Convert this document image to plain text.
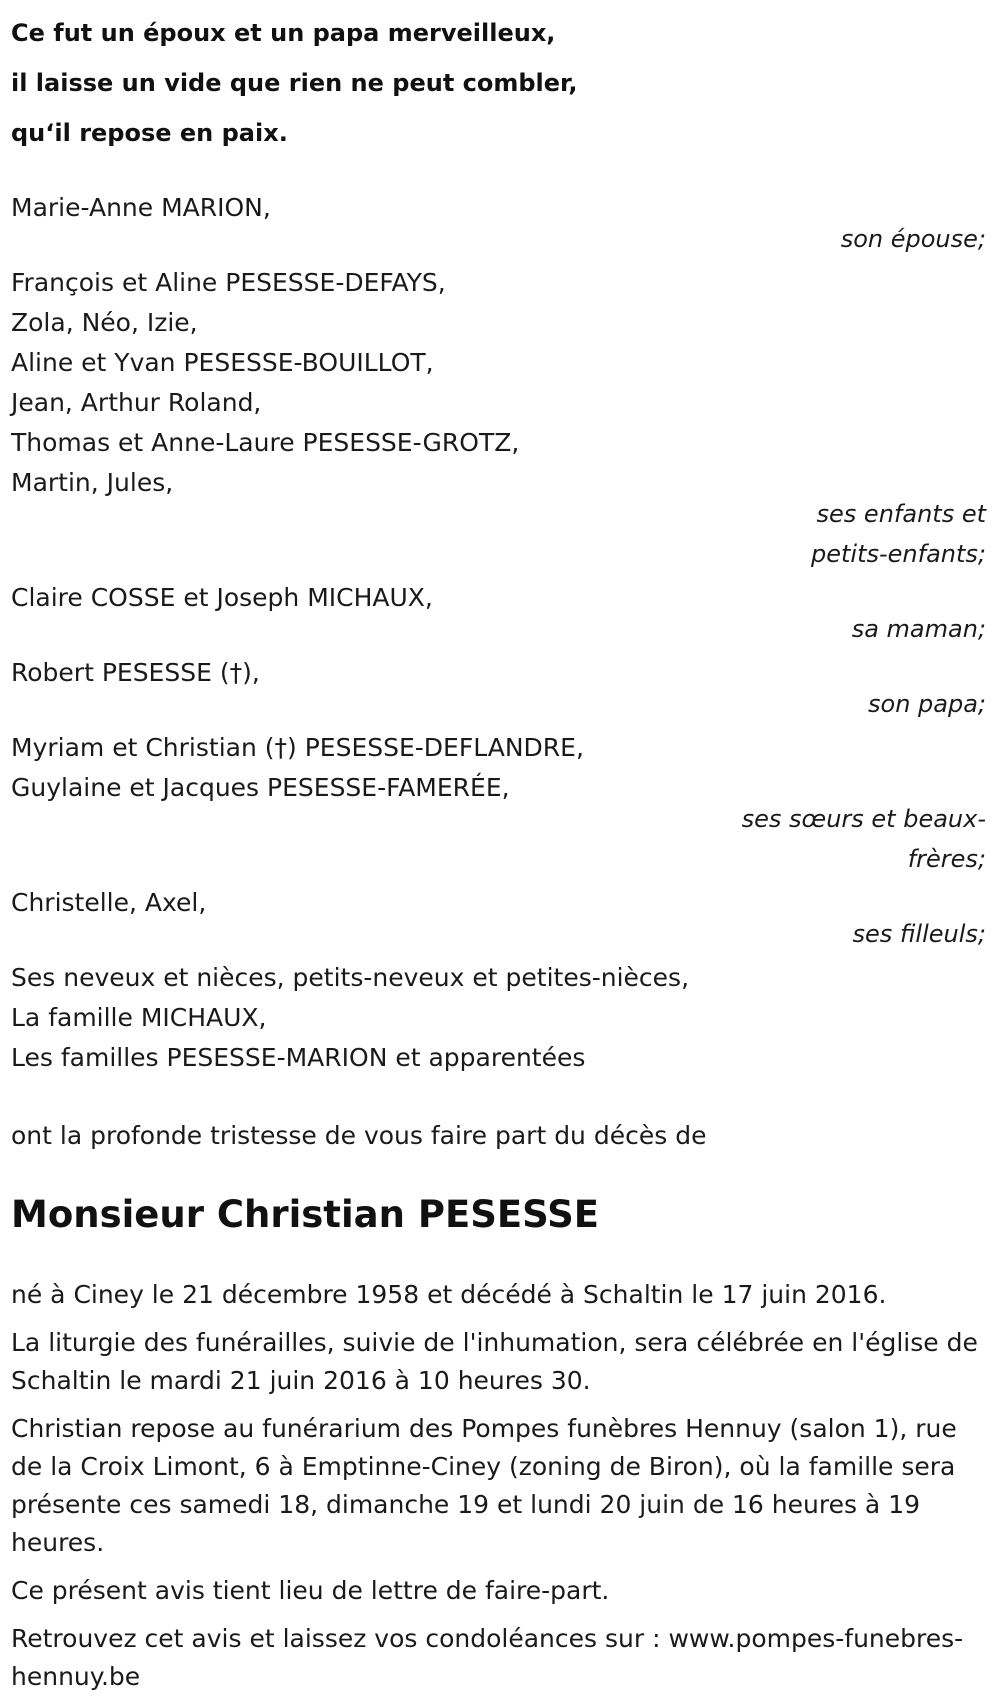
Ce fut un époux et un papa merveilleux,
il laisse un vide que rien ne peut combler,
qu‘il repose en paix.
Marie-Anne MARION,
son épouse;
François et Aline PESESSE-DEFAYS,
Zola, Néo, Izie,
Aline et Yvan PESESSE-BOUILLOT,
Jean, Arthur Roland,
Thomas et Anne-Laure PESESSE-GROTZ,
Martin, Jules,
ses enfants et
petits-enfants;
Claire COSSE et Joseph MICHAUX,
sa maman;
Robert PESESSE (†),
son papa;
Myriam et Christian (†) PESESSE-DEFLANDRE,
Guylaine et Jacques PESESSE-FAMERÉE,
ses sœurs et beaux-
frères;
Christelle, Axel,
ses filleuls;
Ses neveux et nièces, petits-neveux et petites-nièces,
La famille MICHAUX,
Les familles PESESSE-MARION et apparentées
ont la profonde tristesse de vous faire part du décès de
Monsieur Christian PESESSE
né à Ciney le 21 décembre 1958 et décédé à Schaltin le 17 juin 2016.
La liturgie des funérailles, suivie de l'inhumation, sera célébrée en l'église de Schaltin le mardi 21 juin 2016 à 10 heures 30.
Christian repose au funérarium des Pompes funèbres Hennuy (salon 1), rue de la Croix Limont, 6 à Emptinne-Ciney (zoning de Biron), où la famille sera présente ces samedi 18, dimanche 19 et lundi 20 juin de 16 heures à 19 heures.
Ce présent avis tient lieu de lettre de faire-part.
Retrouvez cet avis et laissez vos condoléances sur : www.pompes-funebres-hennuy.be
